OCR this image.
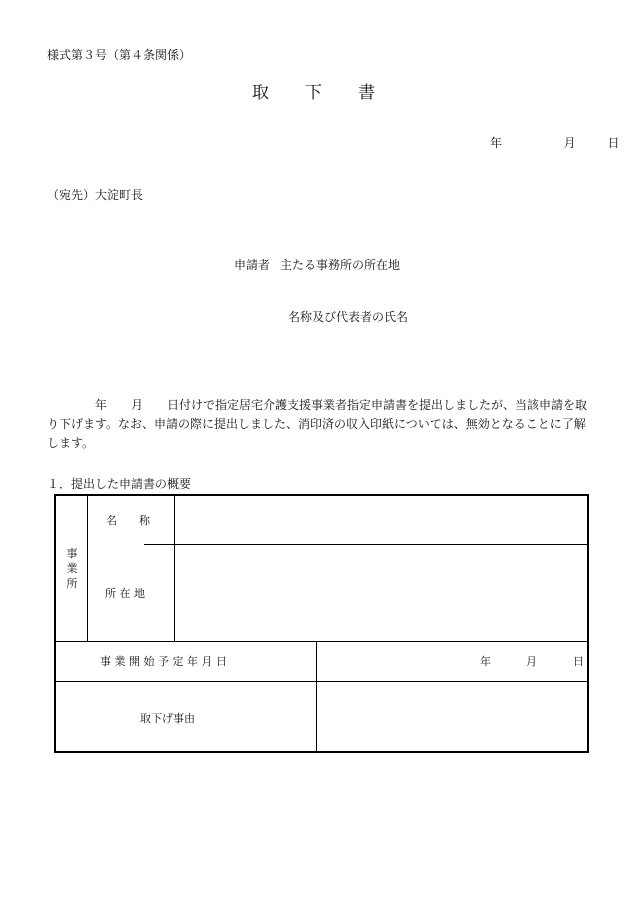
様式第３号（第４条関係）
取下書
年	月	日
（宛先）大淀町長
申請者 主たる事務所の所在地
名称及び代表者の氏名
　　　　年　　月　　日付けで指定居宅介護支援事業者指定申請書を提出しましたが、当該申請を取り下げます。なお、申請の際に提出しました、消印済の収入印紙については、無効となることに了解します。
１．提出した申請書の概要
事業所
名　　称
所 在 地
事 業 開 始 予 定 年 月 日	年	月	日
取下げ事由
